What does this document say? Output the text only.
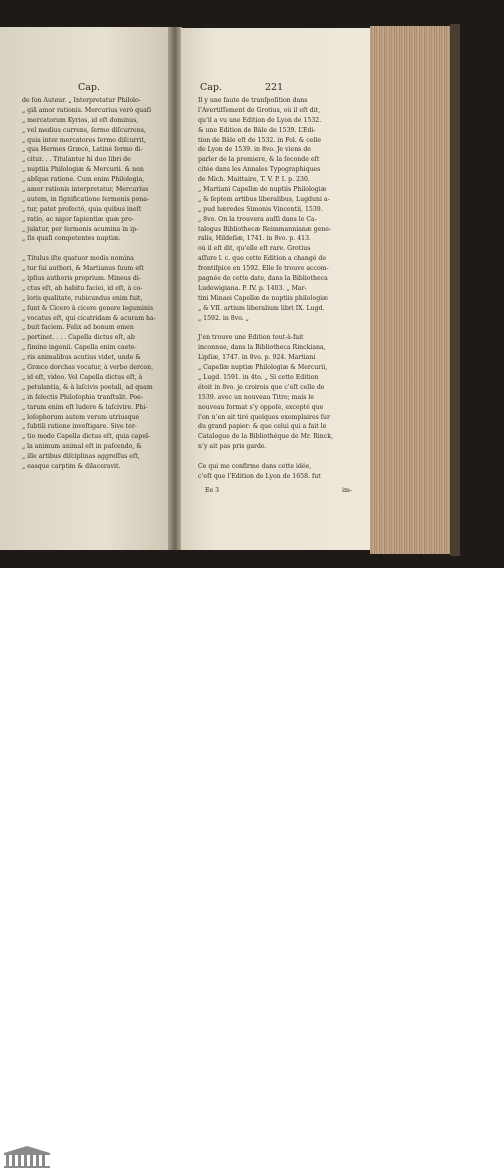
Cap.	Cap.	221
de ſon Auteur. „ Interpretatur Philolo-
„ giã amor rationis. Mercurius verò quaſi
„ mercatorum Kyrios, id eſt dominus,
„ vel medius currens, ſermo diſcurrens,
„ quia inter mercatores ſermo diſcurrit,
„ qua Hermes Græcè, Latinè ſermo di-
„ citur. . . Titulantur hi duo libri de
„ nuptiis Philologiæ & Mercurii. & non
„ abſque ratione. Cum enim Philologia,
„ amor rationis interpretatur, Mercurius
„ autem, in ſignificatione ſermonis pona-
„ tur, patet profectò, quia quibus ineſt
„ ratio, ac nigor ſapientiæ quæ pro-
„ julatur, per ſermonis acumina in ip-
„ ſis quaſi competentes nuptiæ.
„ Titulus iſte quatuor modis nomina
„ tur ſui authori, & Martianus ſuum eſt
„ ipſius authoris proprium. Mineus di-
„ ctus eſt, ab habitu faciei, id eſt, à co-
„ loris qualitate, rubicundus enim fuit,
„ ſunt & Cicero à cicere genere leguminis
„ vocatus eſt, qui cicatridam & acuram ha-
„ buit faciem. Felix ad bonum omen
„ pertinet. . . . Capella dictus eſt, ab
„ ſimine ingenii. Capella enim caete-
„ ris animalibus acutius videt, unde &
„ Græce dorchas vocatur, à verbo dercon,
„ id eſt, video. Vel Capella dictus eſt, à
„ petulantia, & à laſcivis poetali, ad quam
„ in ſelectis Philoſophia tranſtulit. Poe-
„ tarum enim eſt ludere & laſcivire. Phi-
„ loſophorum autem verum utriusque
„ ſubtili ratione inveſtigare. Sive ter-
„ tio modo Capella dictus eſt, quia capel-
„ la animum animal eſt in paſcendo, &
„ ille artibus diſciplinas aggreſſus eſt,
„ easque carptim & dilaceravit.
Il y une faute de tranſpoſition dans
l’Avertiſſement de Grotius, où il eſt dit,
qu’il a vu une Edition de Lyon de 1532.
& une Edition de Bâle de 1539. L’Edi-
tion de Bâle eſt de 1532. in Fol. & celle
de Lyon de 1539. in 8vo. Je viens de
parler de la premiere, & la ſeconde eſt
citée dans les Annales Typographiques
de Mich. Maittaire, T. V. P. I. p. 230.
„ Martiani Capellæ de nuptiis Philologiæ
„ & ſeptem artibus liberalibus, Lugduni a-
„ pud hæredes Simonis Vincentii, 1539.
„ 8vo. On la trouvera auſſi dans le Ca-
talogus Bibliothecæ Reimmannianæ gene-
ralis, Hildeſiæ, 1741. in 8vo. p. 413.
où il eſt dit, qu’elle eſt rare. Grotius
aſſure l. c. que cette Edition a changé de
frontiſpice en 1592. Elle ſe trouve accom-
pagnée de cette date, dans la Bibliotheca
Ludewigiana. P. IV. p. 1403. „ Mar-
tini Minaei Capellæ de nuptiis philologiæ
„ & VII. artium liberalium libri IX. Lugd.
„ 1592. in 8vo. „
J’en trouve une Edition tout-à-fait
inconnue, dans la Bibliotheca Rinckiana,
Lipſiæ, 1747. in 8vo. p. 924. Martiani
„ Capellæ nuptiæ Philologiæ & Mercurii,
„ Lugd. 1591. in 4to. „ Si cette Edition
étoit in 8vo. je croirois que c’eſt celle de
1539. avec un nouveau Titre; mais le
nouveau format s’y oppoſe, excepté que
l’on n’en ait tiré quelques exemplaires ſur
du grand papier: & que celui qui a fait le
Catalogue de la Bibliothéque de Mr. Rinck,
n’y ait pas pris garde.
Ce qui me confirme dans cette idée,
c’eſt que l’Edition de Lyon de 1658. fut
Ee 3	im-
